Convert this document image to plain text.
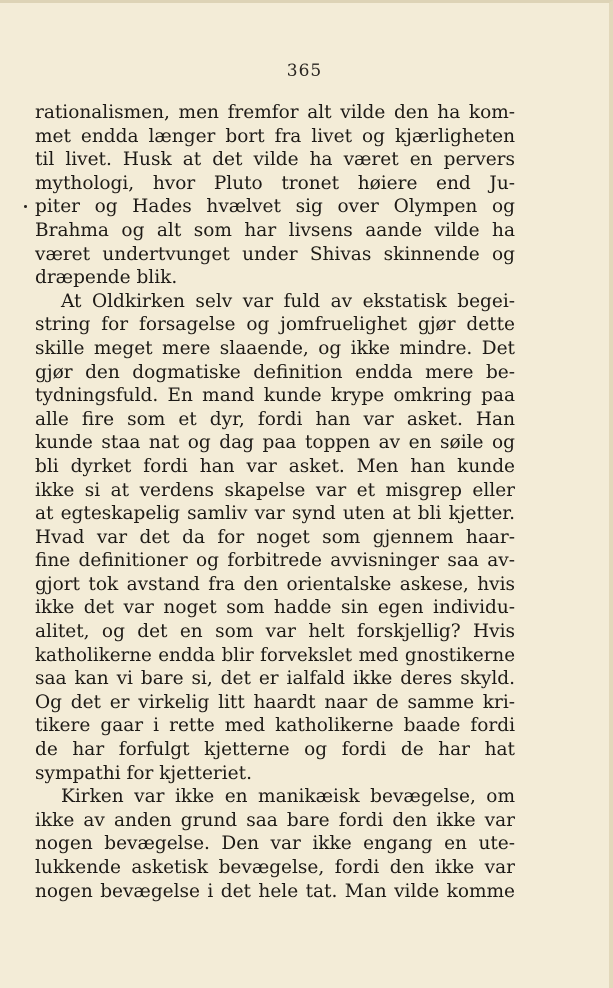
365
rationalismen, men fremfor alt vilde den ha kom-
met endda længer bort fra livet og kjærligheten
til livet. Husk at det vilde ha været en pervers
mythologi, hvor Pluto tronet høiere end Ju-
piter og Hades hvælvet sig over Olympen og
Brahma og alt som har livsens aande vilde ha
været undertvunget under Shivas skinnende og
dræpende blik.
At Oldkirken selv var fuld av ekstatisk begei-
string for forsagelse og jomfruelighet gjør dette
skille meget mere slaaende, og ikke mindre. Det
gjør den dogmatiske definition endda mere be-
tydningsfuld. En mand kunde krype omkring paa
alle fire som et dyr, fordi han var asket. Han
kunde staa nat og dag paa toppen av en søile og
bli dyrket fordi han var asket. Men han kunde
ikke si at verdens skapelse var et misgrep eller
at egteskapelig samliv var synd uten at bli kjetter.
Hvad var det da for noget som gjennem haar-
fine definitioner og forbitrede avvisninger saa av-
gjort tok avstand fra den orientalske askese, hvis
ikke det var noget som hadde sin egen individu-
alitet, og det en som var helt forskjellig? Hvis
katholikerne endda blir forvekslet med gnostikerne
saa kan vi bare si, det er ialfald ikke deres skyld.
Og det er virkelig litt haardt naar de samme kri-
tikere gaar i rette med katholikerne baade fordi
de har forfulgt kjetterne og fordi de har hat
sympathi for kjetteriet.
Kirken var ikke en manikæisk bevægelse, om
ikke av anden grund saa bare fordi den ikke var
nogen bevægelse. Den var ikke engang en ute-
lukkende asketisk bevægelse, fordi den ikke var
nogen bevægelse i det hele tat. Man vilde komme
